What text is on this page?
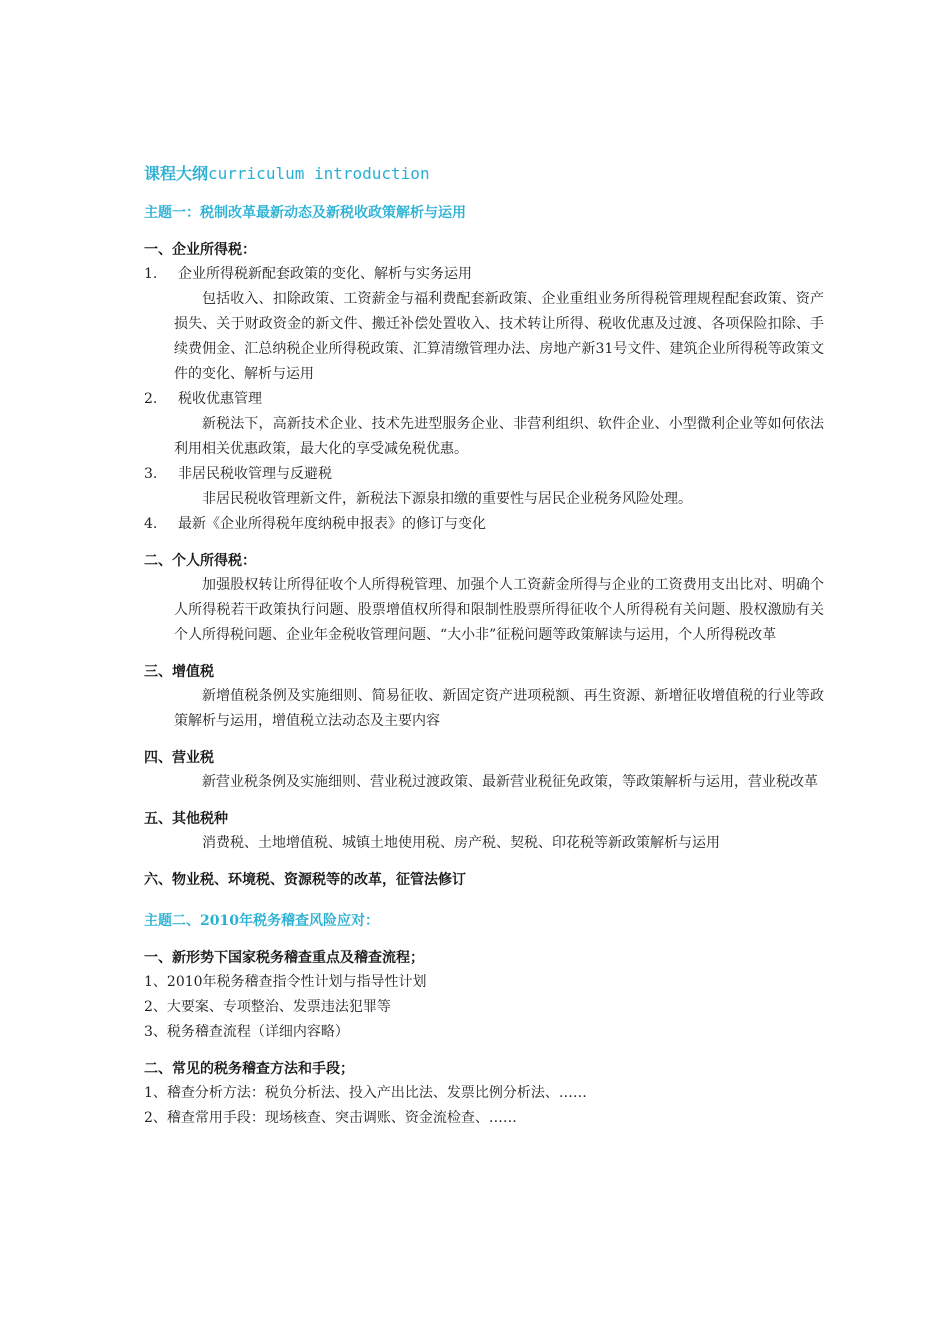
课程大纲curriculum introduction

主题一：税制改革最新动态及新税收政策解析与运用

一、企业所得税：

1. 企业所得税新配套政策的变化、解析与实务运用

包括收入、扣除政策、工资薪金与福利费配套新政策、企业重组业务所得税管理规程配套政策、资产损失、关于财政资金的新文件、搬迁补偿处置收入、技术转让所得、税收优惠及过渡、各项保险扣除、手续费佣金、汇总纳税企业所得税政策、汇算清缴管理办法、房地产新31号文件、建筑企业所得税等政策文件的变化、解析与运用

2. 税收优惠管理

新税法下，高新技术企业、技术先进型服务企业、非营利组织、软件企业、小型微利企业等如何依法利用相关优惠政策，最大化的享受减免税优惠。

3. 非居民税收管理与反避税

非居民税收管理新文件，新税法下源泉扣缴的重要性与居民企业税务风险处理。

4. 最新《企业所得税年度纳税申报表》的修订与变化

二、个人所得税：

加强股权转让所得征收个人所得税管理、加强个人工资薪金所得与企业的工资费用支出比对、明确个人所得税若干政策执行问题、股票增值权所得和限制性股票所得征收个人所得税有关问题、股权激励有关个人所得税问题、企业年金税收管理问题、“大小非”征税问题等政策解读与运用，个人所得税改革

三、增值税

新增值税条例及实施细则、简易征收、新固定资产进项税额、再生资源、新增征收增值税的行业等政策解析与运用，增值税立法动态及主要内容

四、营业税

新营业税条例及实施细则、营业税过渡政策、最新营业税征免政策，等政策解析与运用，营业税改革

五、其他税种

消费税、土地增值税、城镇土地使用税、房产税、契税、印花税等新政策解析与运用

六、物业税、环境税、资源税等的改革，征管法修订

主题二、2010年税务稽查风险应对：

一、新形势下国家税务稽查重点及稽查流程；

1、2010年税务稽查指令性计划与指导性计划

2、大要案、专项整治、发票违法犯罪等

3、税务稽查流程（详细内容略）

二、常见的税务稽查方法和手段；

1、稽查分析方法：税负分析法、投入产出比法、发票比例分析法、……

2、稽查常用手段：现场核查、突击调账、资金流检查、……
